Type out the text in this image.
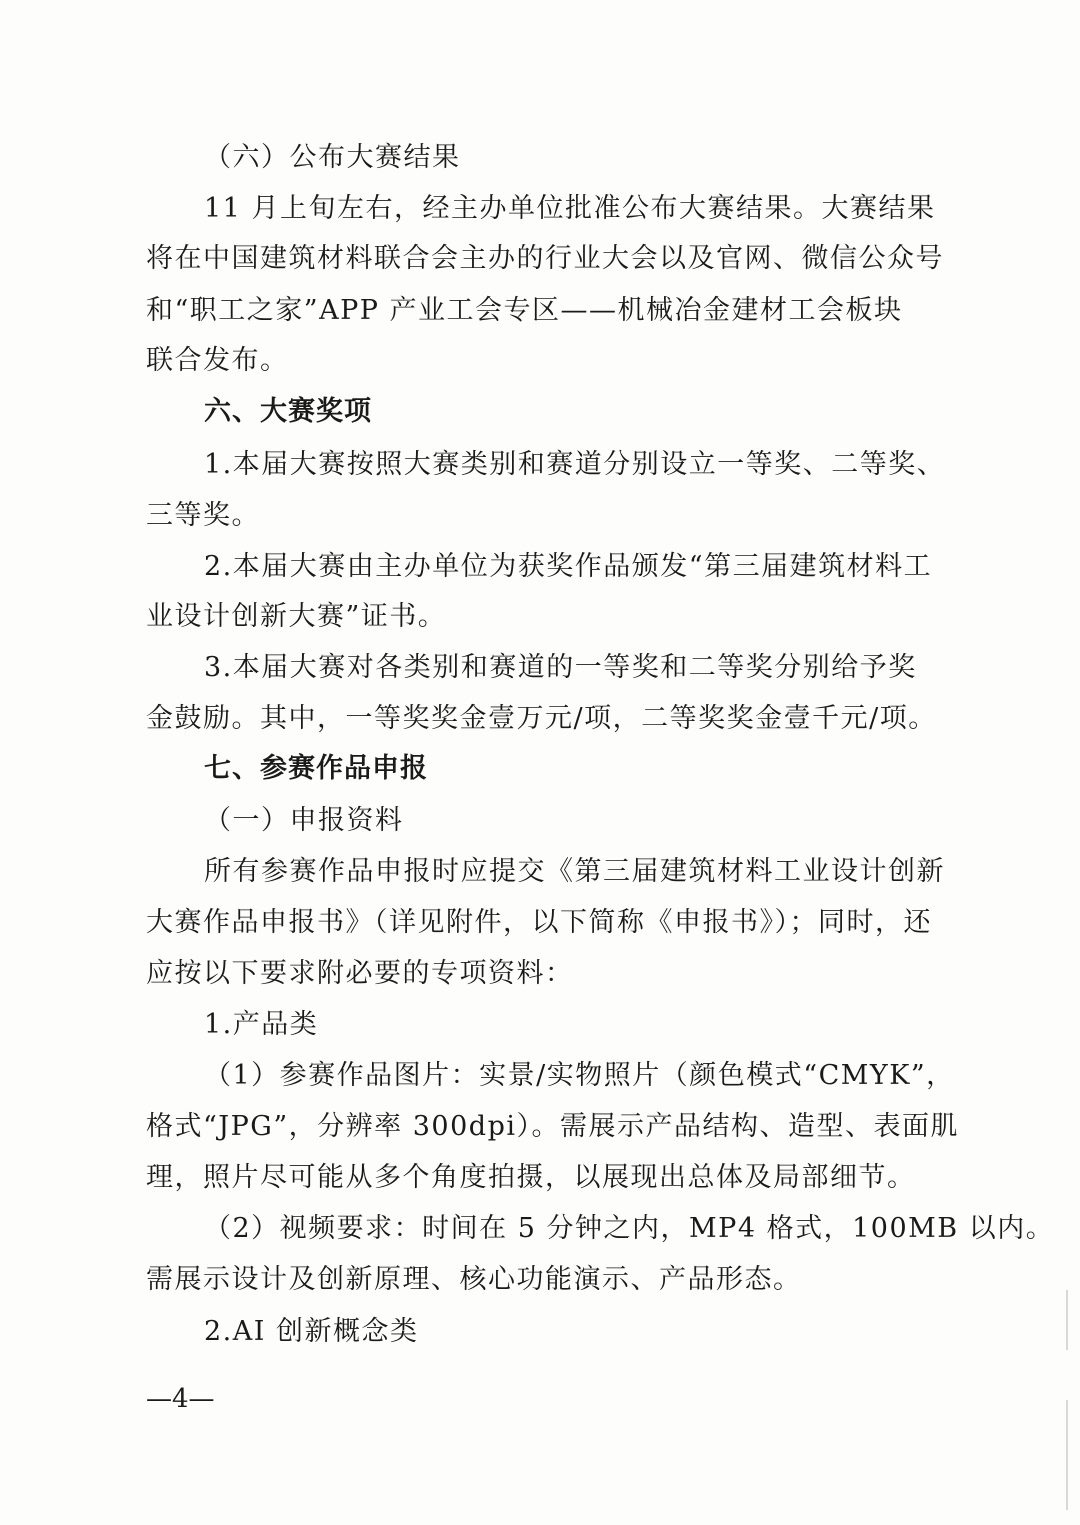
（六）公布大赛结果
11 月上旬左右，经主办单位批准公布大赛结果。大赛结果
将在中国建筑材料联合会主办的行业大会以及官网、微信公众号
和“职工之家”APP 产业工会专区——机械冶金建材工会板块
联合发布。
六、大赛奖项
1.本届大赛按照大赛类别和赛道分别设立一等奖、二等奖、
三等奖。
2.本届大赛由主办单位为获奖作品颁发“第三届建筑材料工
业设计创新大赛”证书。
3.本届大赛对各类别和赛道的一等奖和二等奖分别给予奖
金鼓励。其中，一等奖奖金壹万元/项，二等奖奖金壹千元/项。
七、参赛作品申报
（一）申报资料
所有参赛作品申报时应提交《第三届建筑材料工业设计创新
大赛作品申报书》（详见附件，以下简称《申报书》）；同时，还
应按以下要求附必要的专项资料：
1.产品类
（1）参赛作品图片：实景/实物照片（颜色模式“CMYK”，
格式“JPG”，分辨率 300dpi）。需展示产品结构、造型、表面肌
理，照片尽可能从多个角度拍摄，以展现出总体及局部细节。
（2）视频要求：时间在 5 分钟之内，MP4 格式，100MB 以内。
需展示设计及创新原理、核心功能演示、产品形态。
2.AI 创新概念类
—4—
